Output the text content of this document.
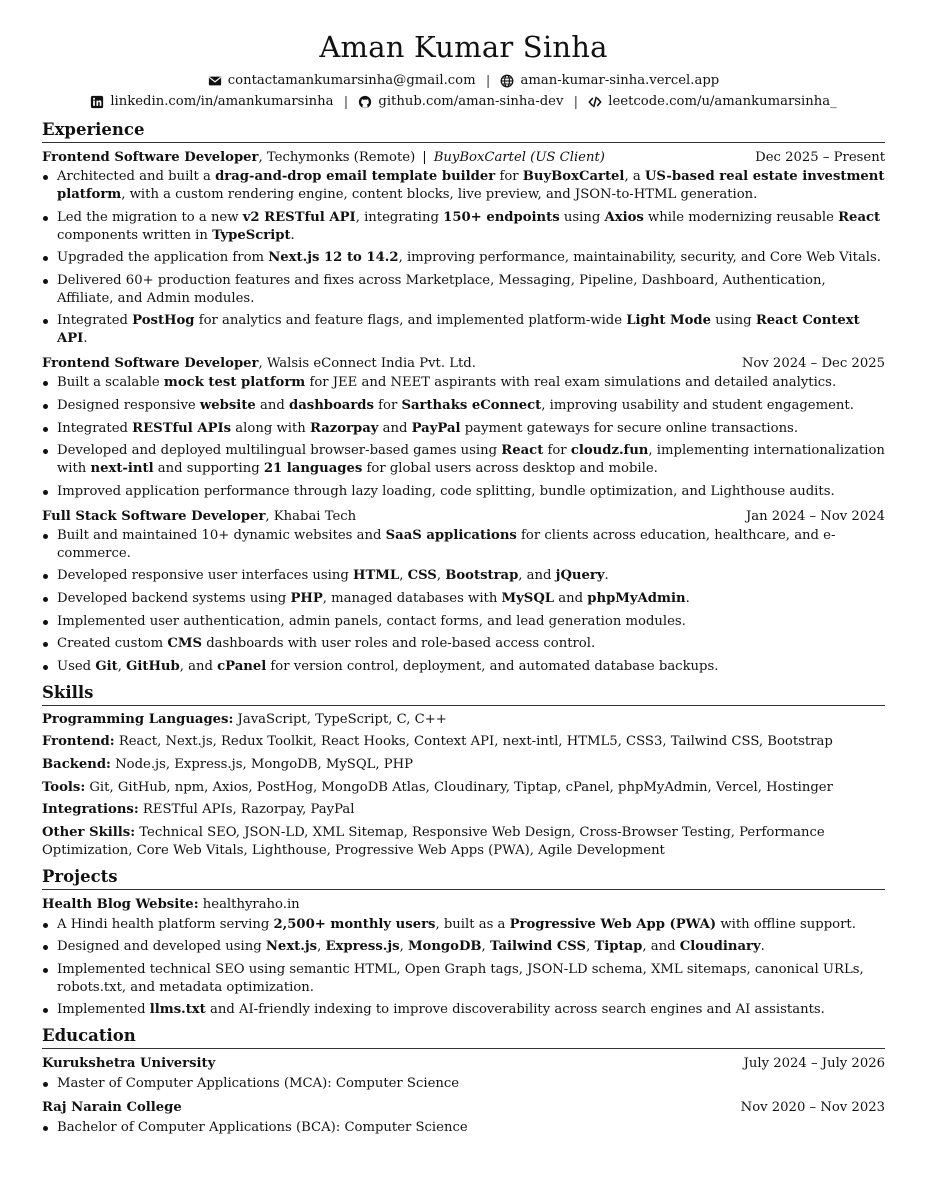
Aman Kumar Sinha
contactamankumarsinha@gmail.com | aman-kumar-sinha.vercel.app
linkedin.com/in/amankumarsinha | github.com/aman-sinha-dev | leetcode.com/u/amankumarsinha_
Experience
Frontend Software Developer, Techymonks (Remote) | BuyBoxCartel (US Client)	Dec 2025 – Present
Architected and built a drag-and-drop email template builder for BuyBoxCartel, a US-based real estate investment platform, with a custom rendering engine, content blocks, live preview, and JSON-to-HTML generation.
Led the migration to a new v2 RESTful API, integrating 150+ endpoints using Axios while modernizing reusable React components written in TypeScript.
Upgraded the application from Next.js 12 to 14.2, improving performance, maintainability, security, and Core Web Vitals.
Delivered 60+ production features and fixes across Marketplace, Messaging, Pipeline, Dashboard, Authentication, Affiliate, and Admin modules.
Integrated PostHog for analytics and feature flags, and implemented platform-wide Light Mode using React Context API.
Frontend Software Developer, Walsis eConnect India Pvt. Ltd.	Nov 2024 – Dec 2025
Built a scalable mock test platform for JEE and NEET aspirants with real exam simulations and detailed analytics.
Designed responsive website and dashboards for Sarthaks eConnect, improving usability and student engagement.
Integrated RESTful APIs along with Razorpay and PayPal payment gateways for secure online transactions.
Developed and deployed multilingual browser-based games using React for cloudz.fun, implementing internationalization with next-intl and supporting 21 languages for global users across desktop and mobile.
Improved application performance through lazy loading, code splitting, bundle optimization, and Lighthouse audits.
Full Stack Software Developer, Khabai Tech	Jan 2024 – Nov 2024
Built and maintained 10+ dynamic websites and SaaS applications for clients across education, healthcare, and e-commerce.
Developed responsive user interfaces using HTML, CSS, Bootstrap, and jQuery.
Developed backend systems using PHP, managed databases with MySQL and phpMyAdmin.
Implemented user authentication, admin panels, contact forms, and lead generation modules.
Created custom CMS dashboards with user roles and role-based access control.
Used Git, GitHub, and cPanel for version control, deployment, and automated database backups.
Skills
Programming Languages: JavaScript, TypeScript, C, C++
Frontend: React, Next.js, Redux Toolkit, React Hooks, Context API, next-intl, HTML5, CSS3, Tailwind CSS, Bootstrap
Backend: Node.js, Express.js, MongoDB, MySQL, PHP
Tools: Git, GitHub, npm, Axios, PostHog, MongoDB Atlas, Cloudinary, Tiptap, cPanel, phpMyAdmin, Vercel, Hostinger
Integrations: RESTful APIs, Razorpay, PayPal
Other Skills: Technical SEO, JSON-LD, XML Sitemap, Responsive Web Design, Cross-Browser Testing, Performance Optimization, Core Web Vitals, Lighthouse, Progressive Web Apps (PWA), Agile Development
Projects
Health Blog Website: healthyraho.in
A Hindi health platform serving 2,500+ monthly users, built as a Progressive Web App (PWA) with offline support.
Designed and developed using Next.js, Express.js, MongoDB, Tailwind CSS, Tiptap, and Cloudinary.
Implemented technical SEO using semantic HTML, Open Graph tags, JSON-LD schema, XML sitemaps, canonical URLs, robots.txt, and metadata optimization.
Implemented llms.txt and AI-friendly indexing to improve discoverability across search engines and AI assistants.
Education
Kurukshetra University	July 2024 – July 2026
Master of Computer Applications (MCA): Computer Science
Raj Narain College	Nov 2020 – Nov 2023
Bachelor of Computer Applications (BCA): Computer Science
